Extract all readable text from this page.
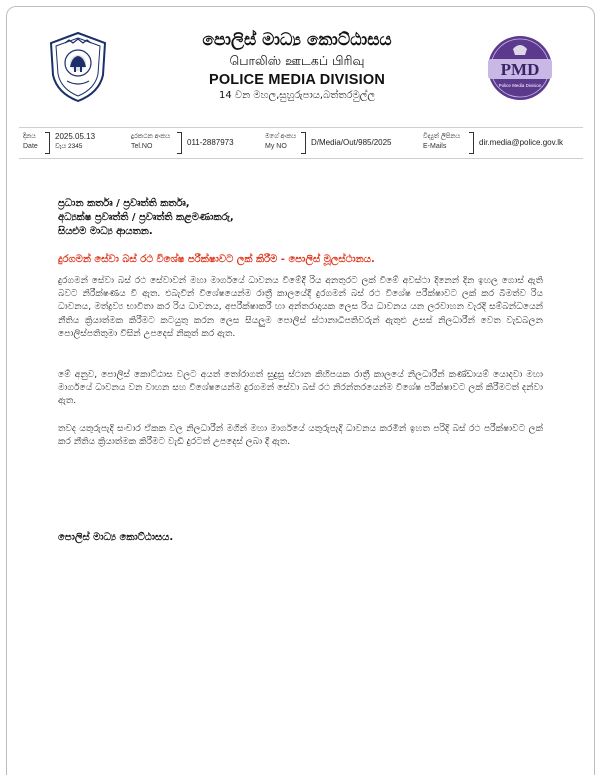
පොලිස් මාධ්‍ය කොට්ඨාසය
பொலிஸ் ஊடகப் பிரிவு
POLICE MEDIA DIVISION
14 වන මහල,සුහුරුපාය,බත්තරමුල්ල
PMD
Police Media Division
දිනය
Date
2025.05.13
වැය 2345
දුරකථන අංකය
Tel.NO	011-2887973
මගේ අංකය
My NO	D/Media/Out/985/2025
විද්‍යුත් ලිපිනය
E-Mails	dir.media@police.gov.lk
ප්‍රධාන කර්තෘ / ප්‍රවෘත්ති කර්තෘ,
අධ්‍යක්ෂ ප්‍රවෘත්ති / ප්‍රවෘත්ති කළමණාකරු,
සියළුම මාධ්‍ය ආයතන.
දුරගමන් සේවා බස් රථ විශේෂ පරීක්ෂාවට ලක් කිරීම - පොලිස් මූලස්ථානය.
දුරගමන් සේවා බස් රථ සේවාවන් මහා මාර්ගයේ ධාවනය වීමේදී රිය අනතුරට ලක් වීමේ අවස්ථා දිනෙන් දින ඉහල ගොස් ඇති බවට නිරීක්ෂණය වී ඇත. එබැවින් විශේෂයෙන්ම රාත්‍රී කාලයේදී දුරගමන් බස් රථ විශේෂ පරීක්ෂාවට ලක් කර බීමත්ව රිය ධාවනය, මත්ද්‍රව්‍ය භාවිතා කර රිය ධාවනය, අපරීක්ෂාකරී හා අන්තරාදායක ලෙස රිය ධාවනය යන ලරවාහන වැරදි සම්බන්ධයෙන් නීතිය ක්‍රියාත්මක කිරීමට කටයුතු කරන ලෙස සියලුම පොලිස් ස්ථානාධිපතිවරුන් ඇතුළු උසස් නිලධාරීන් වෙත වැඩබලන පොලිස්පතිතුමා විසින් උපදෙස් නිකුත් කර ඇත.
මේ අනුව, පොලිස් කොට්ඨාස වලට අයත් තෝරාගත් සුදුසු ස්ථාන කිහිපයක රාත්‍රී කාලයේ නිලධාරීන් කණ්ඩායම් යොදවා මහා මාර්ගයේ ධාවනය වන වාහන සහ විශේෂයෙන්ම දුරගමන් සේවා බස් රථ නිරන්තරයෙන්ම විශේෂ පරීක්ෂාවට ලක් කිරීමටත් දන්වා ඇත.
තවද යතුරුපැදි සංචාර ඒකක වල නිලධාරීන් මගින් මහා මාර්ගයේ යතුරුපැදි ධාවනය කරමින් ඉහත පරිදි බස් රථ පරීක්ෂාවට ලක් කර නීතිය ක්‍රියාත්මක කිරීමට වැඩි දුරටත් උපදෙස් ලබා දී ඇත.
පොලිස් මාධ්‍ය කොට්ඨාසය.
